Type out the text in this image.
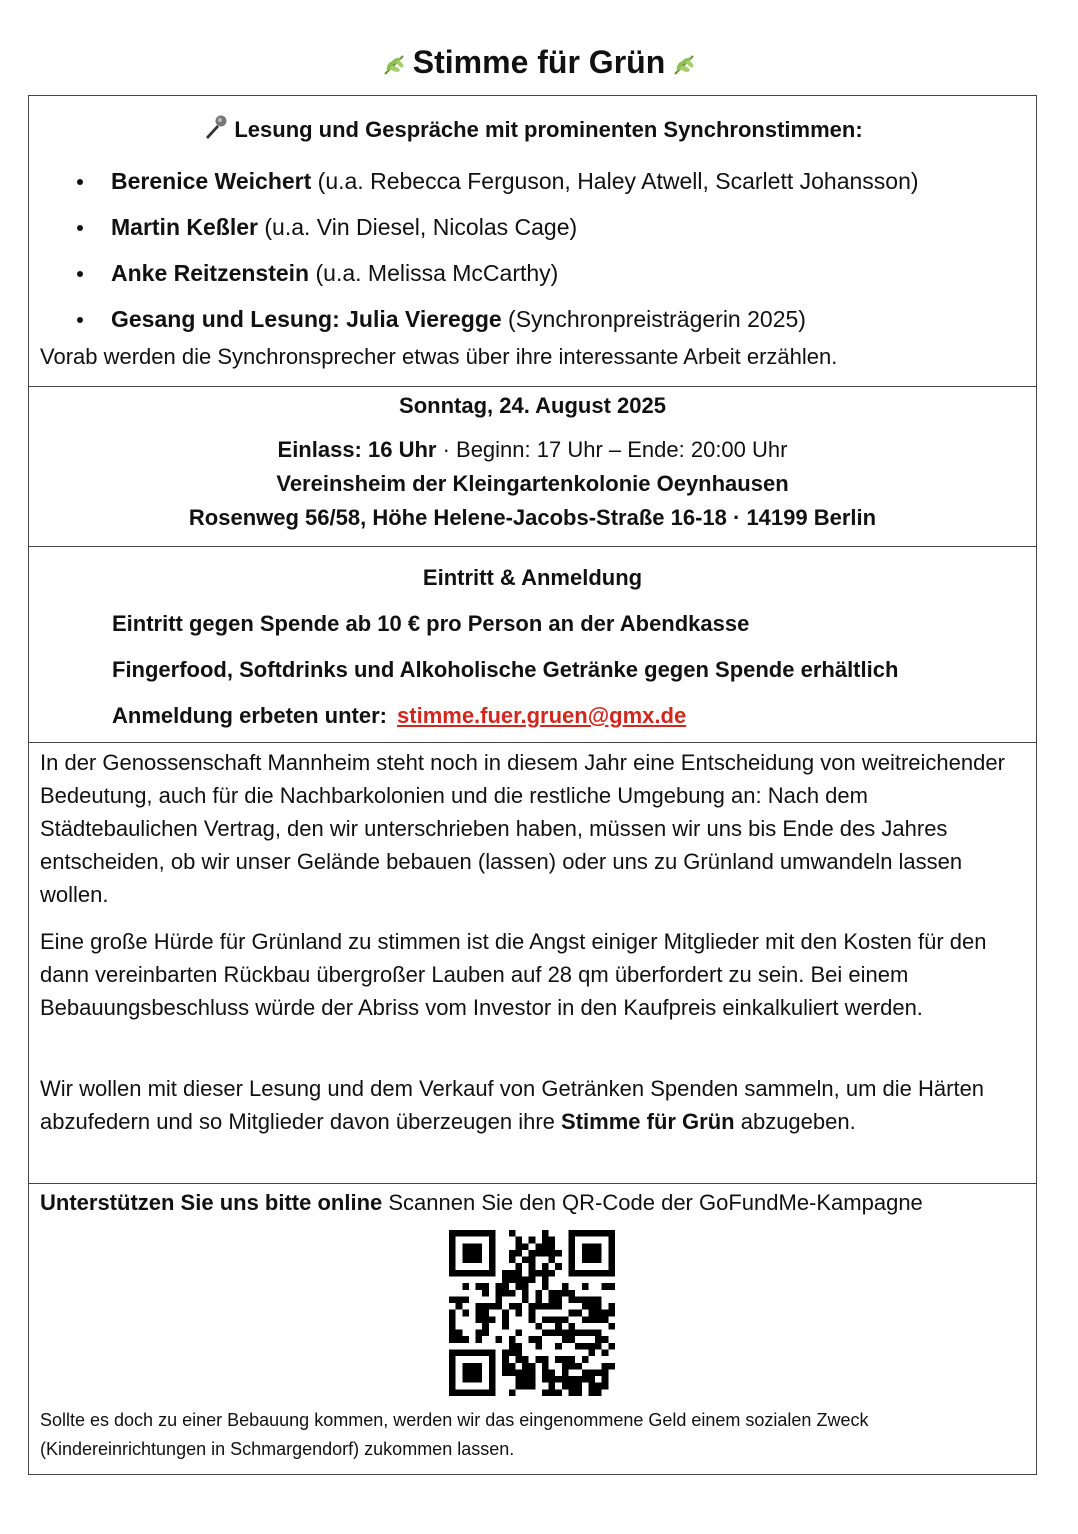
Stimme für Grün
Lesung und Gespräche mit prominenten Synchronstimmen:
Berenice Weichert (u.a. Rebecca Ferguson, Haley Atwell, Scarlett Johansson)
Martin Keßler (u.a. Vin Diesel, Nicolas Cage)
Anke Reitzenstein (u.a. Melissa McCarthy)
Gesang und Lesung: Julia Vieregge (Synchronpreisträgerin 2025)
Vorab werden die Synchronsprecher etwas über ihre interessante Arbeit erzählen.
Sonntag, 24. August 2025
Einlass: 16 Uhr · Beginn: 17 Uhr – Ende: 20:00 Uhr
Vereinsheim der Kleingartenkolonie Oeynhausen
Rosenweg 56/58, Höhe Helene-Jacobs-Straße 16-18 · 14199 Berlin
Eintritt & Anmeldung
Eintritt gegen Spende ab 10 € pro Person an der Abendkasse
Fingerfood, Softdrinks und Alkoholische Getränke gegen Spende erhältlich
Anmeldung erbeten unter: stimme.fuer.gruen@gmx.de

In der Genossenschaft Mannheim steht noch in diesem Jahr eine Entscheidung von weitreichender Bedeutung, auch für die Nachbarkolonien und die restliche Umgebung an: Nach dem Städtebaulichen Vertrag, den wir unterschrieben haben, müssen wir uns bis Ende des Jahres entscheiden, ob wir unser Gelände bebauen (lassen) oder uns zu Grünland umwandeln lassen wollen.

Eine große Hürde für Grünland zu stimmen ist die Angst einiger Mitglieder mit den Kosten für den dann vereinbarten Rückbau übergroßer Lauben auf 28 qm überfordert zu sein. Bei einem Bebauungsbeschluss würde der Abriss vom Investor in den Kaufpreis einkalkuliert werden.

Wir wollen mit dieser Lesung und dem Verkauf von Getränken Spenden sammeln, um die Härten abzufedern und so Mitglieder davon überzeugen ihre Stimme für Grün abzugeben.

Unterstützen Sie uns bitte online Scannen Sie den QR-Code der GoFundMe-Kampagne
Sollte es doch zu einer Bebauung kommen, werden wir das eingenommene Geld einem sozialen Zweck (Kindereinrichtungen in Schmargendorf) zukommen lassen.
